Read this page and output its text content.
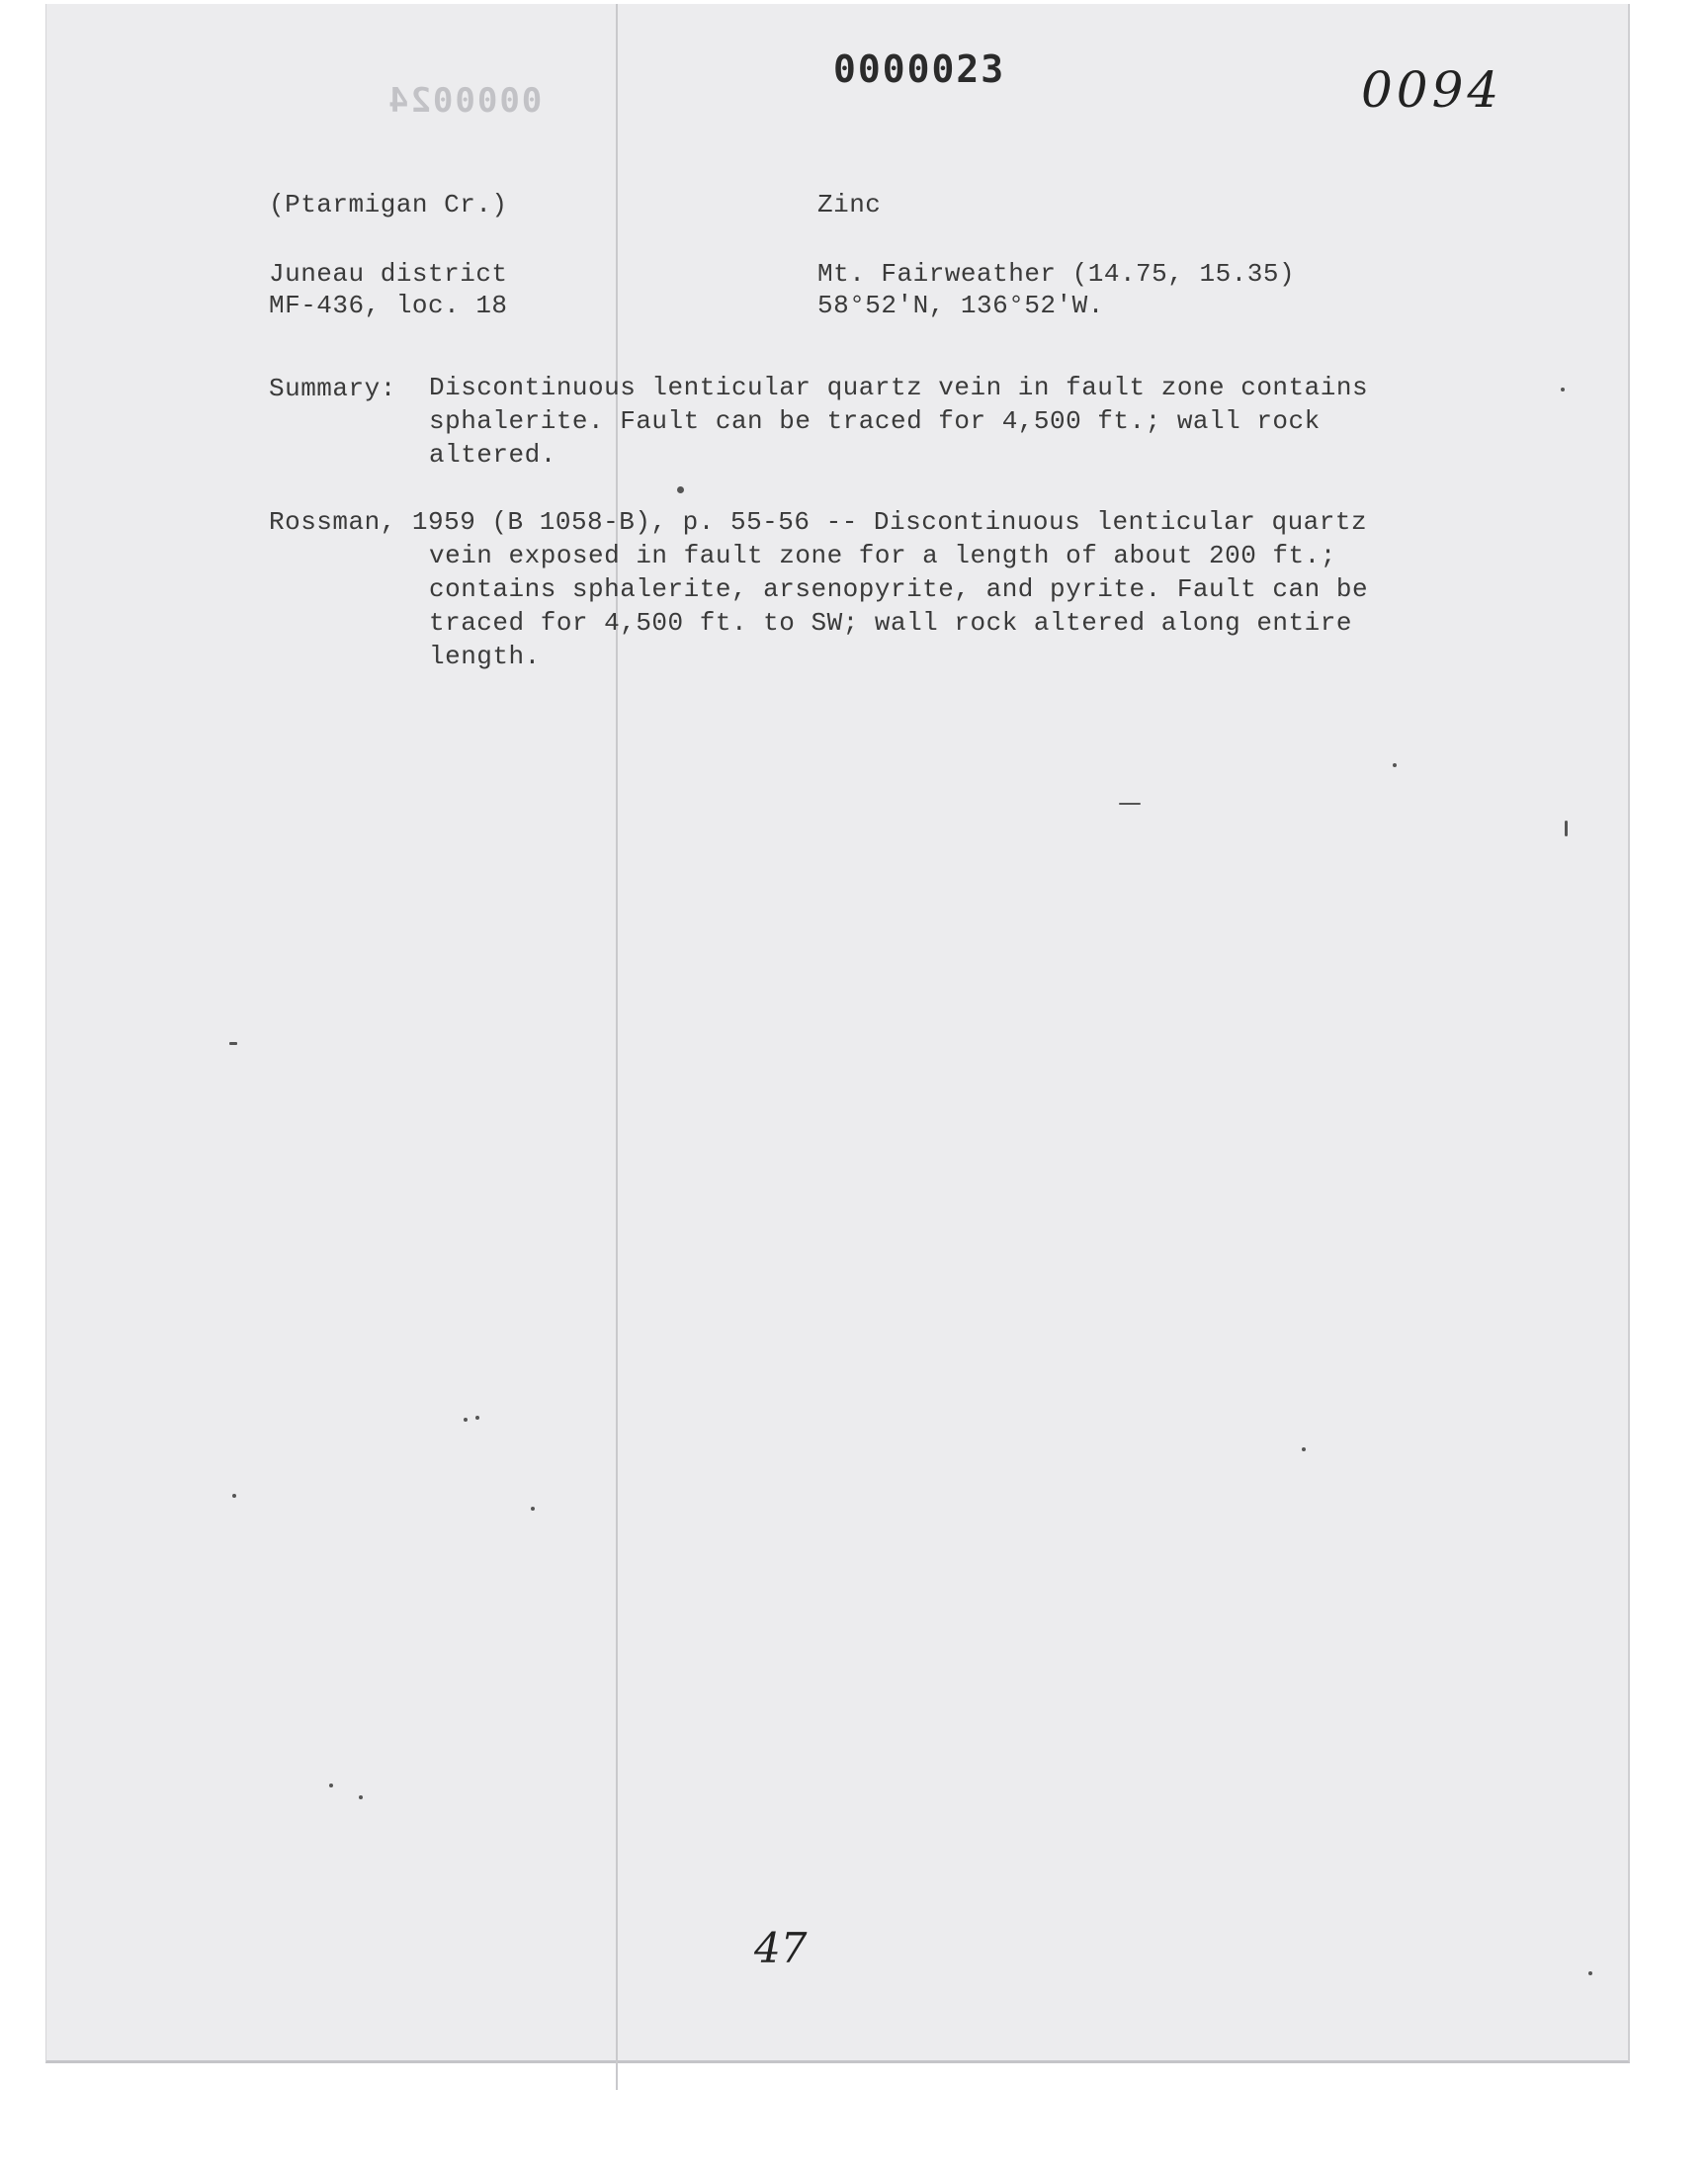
0000024
0000023	0094
(Ptarmigan Cr.)
Juneau district
MF-436, loc. 18
Zinc
Mt. Fairweather (14.75, 15.35)
58°52'N, 136°52'W.
Summary: Discontinuous lenticular quartz vein in fault zone contains sphalerite. Fault can be traced for 4,500 ft.; wall rock altered.
Rossman, 1959 (B 1058-B), p. 55-56 -- Discontinuous lenticular quartz vein exposed in fault zone for a length of about 200 ft.; contains sphalerite, arsenopyrite, and pyrite. Fault can be traced for 4,500 ft. to SW; wall rock altered along entire length.
47
